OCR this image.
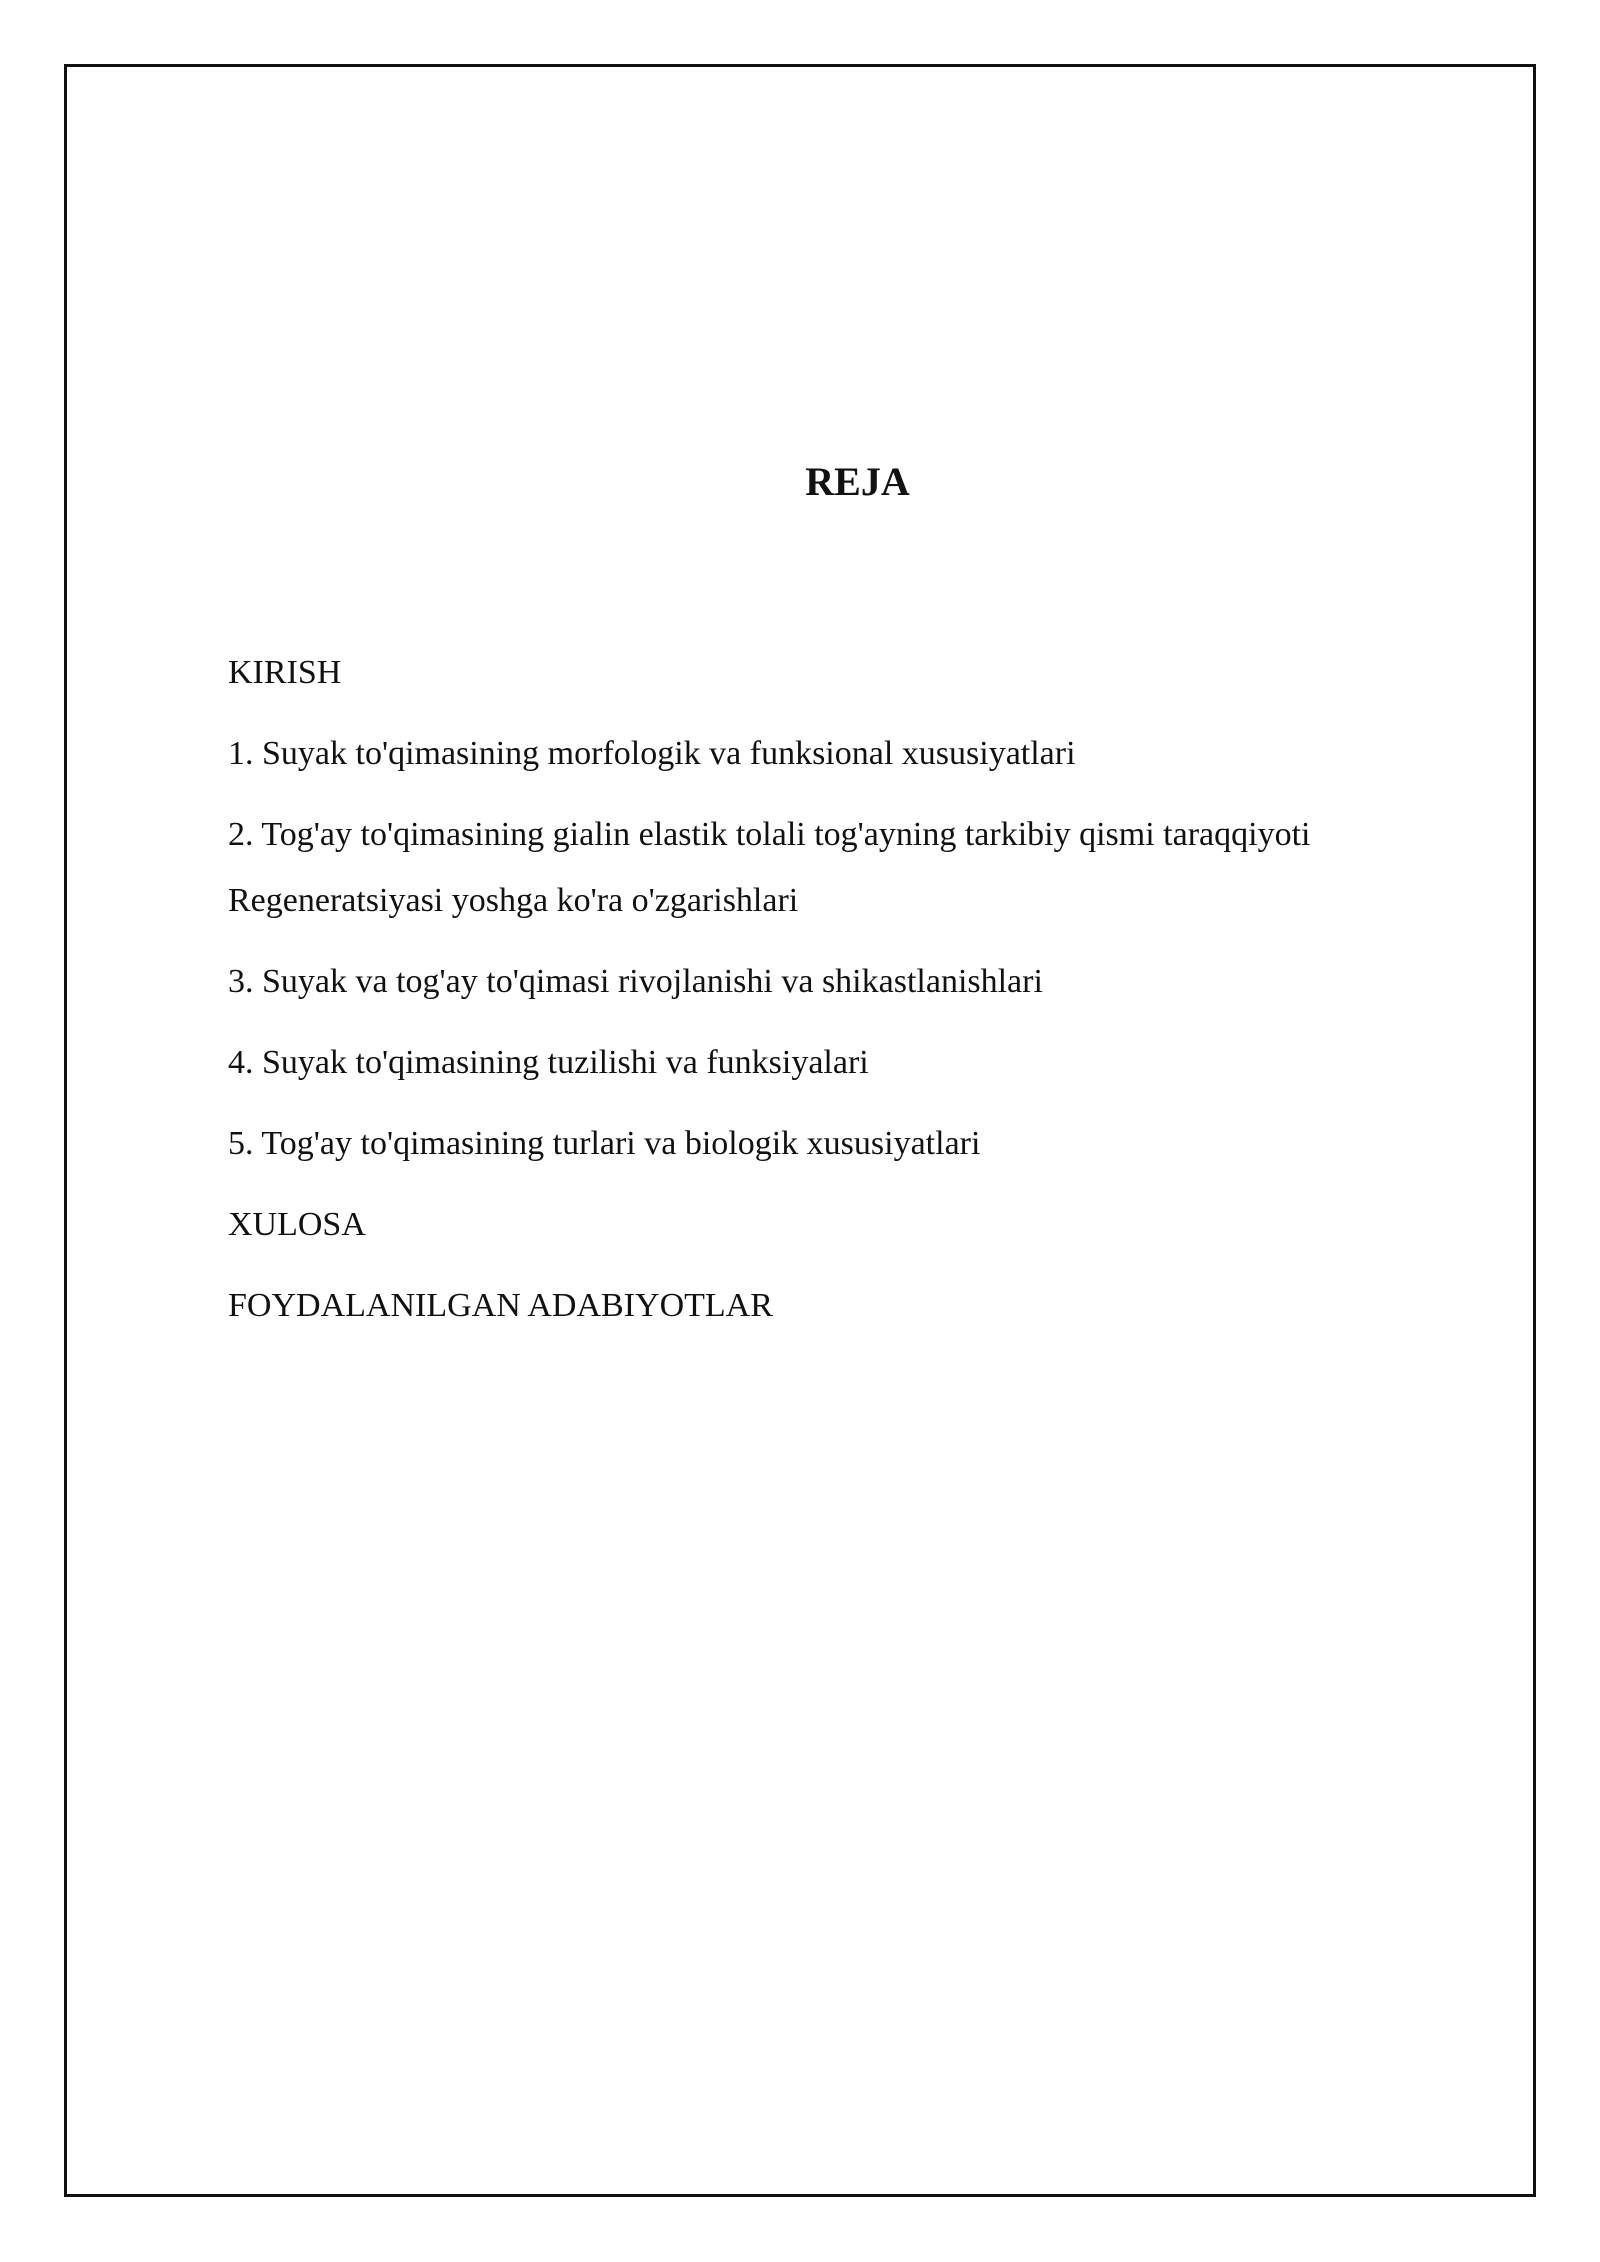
REJA
KIRISH
1. Suyak to'qimasining morfologik va funksional xususiyatlari
2. Tog'ay to'qimasining gialin elastik tolali tog'ayning tarkibiy qismi taraqqiyoti
Regeneratsiyasi yoshga ko'ra o'zgarishlari
3. Suyak va tog'ay to'qimasi rivojlanishi va shikastlanishlari
4. Suyak to'qimasining tuzilishi va funksiyalari
5. Tog'ay to'qimasining turlari va biologik xususiyatlari
XULOSA
FOYDALANILGAN ADABIYOTLAR
